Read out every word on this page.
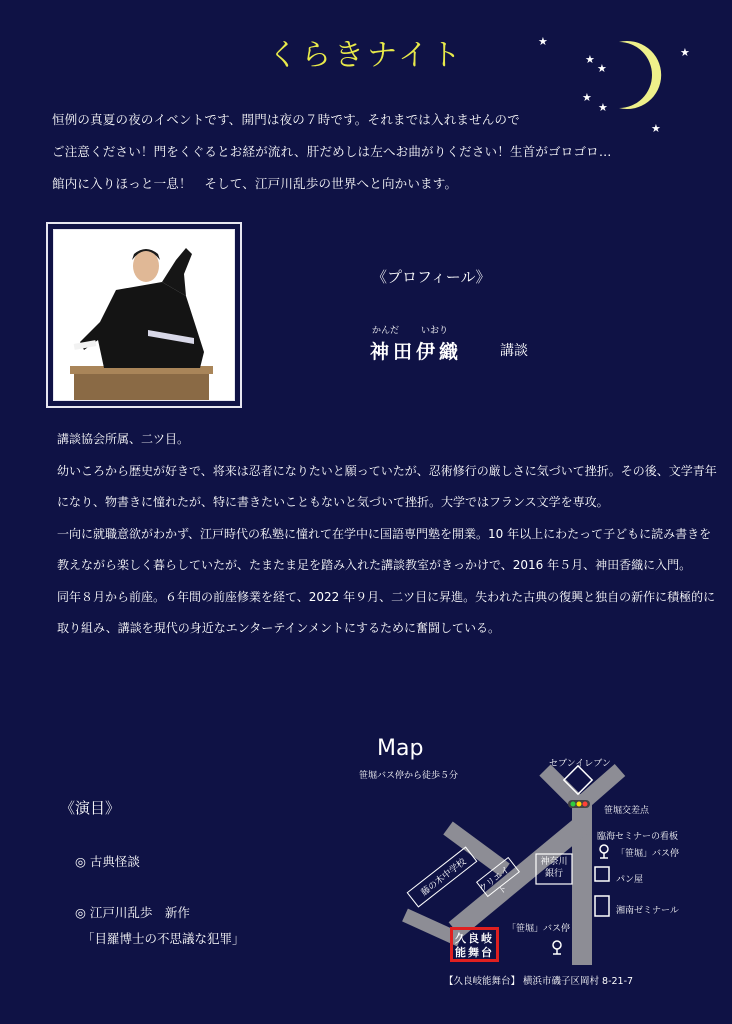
くらきナイト	★
★
★
★
★
★
★
恒例の真夏の夜のイベントです、開門は夜の７時です。それまでは入れませんので
ご注意ください！門をくぐるとお経が流れ、肝だめしは左へお曲がりください！生首がゴロゴロ…
館内に入りほっと一息！　そして、江戸川乱歩の世界へと向かいます。
《プロフィール》
かんだ いおり
神田伊織	講談
講談協会所属、二ツ目。
幼いころから歴史が好きで、将来は忍者になりたいと願っていたが、忍術修行の厳しさに気づいて挫折。その後、文学青年
になり、物書きに憧れたが、特に書きたいこともないと気づいて挫折。大学ではフランス文学を専攻。
一向に就職意欲がわかず、江戸時代の私塾に憧れて在学中に国語専門塾を開業。10 年以上にわたって子どもに読み書きを
教えながら楽しく暮らしていたが、たまたま足を踏み入れた講談教室がきっかけで、2016 年５月、神田香織に入門。
同年８月から前座。６年間の前座修業を経て、2022 年９月、二ツ目に昇進。失われた古典の復興と独自の新作に積極的に
取り組み、講談を現代の身近なエンターテインメントにするために奮闘している。
《演目》
◎ 古典怪談
◎ 江戸川乱歩　新作
「目羅博士の不思議な犯罪」
Map
笹堀バス停から徒歩５分
セブンイレブン
笹堀交差点
臨海セミナーの看板
「笹堀」バス停
パン屋
湘南ゼミナール
藤の木中学校	クリエイト
神奈川銀行
「笹堀」バス停
久良岐
能舞台
【久良岐能舞台】 横浜市磯子区岡村 8-21-7
